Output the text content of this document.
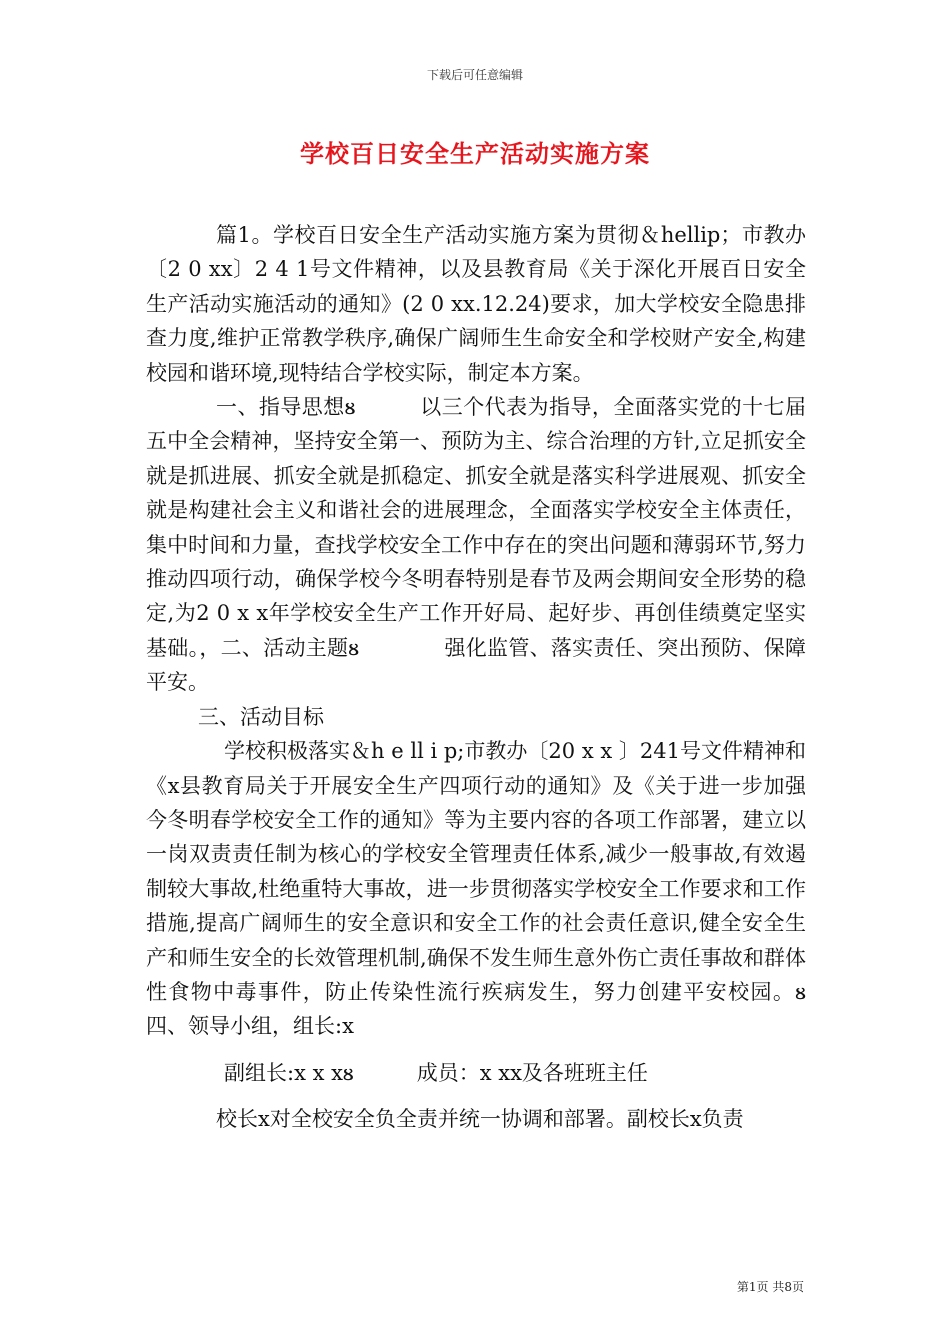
下载后可任意编辑
学校百日安全生产活动实施方案

篇1。学校百日安全生产活动实施方案为贯彻＆hellip；市教办〔2 0 xx〕2 4 1号文件精神，以及县教育局《关于深化开展百日安全生产活动实施活动的通知》(2 0 xx.12.24)要求，加大学校安全隐患排查力度,维护正常教学秩序,确保广阔师生生命安全和学校财产安全,构建校园和谐环境,现特结合学校实际，制定本方案。

一、指导思想ᴕ　　　以三个代表为指导，全面落实党的十七届五中全会精神，坚持安全第一、预防为主、综合治理的方针,立足抓安全就是抓进展、抓安全就是抓稳定、抓安全就是落实科学进展观、抓安全就是构建社会主义和谐社会的进展理念，全面落实学校安全主体责任，集中时间和力量，查找学校安全工作中存在的突出问题和薄弱环节,努力推动四项行动，确保学校今冬明春特别是春节及两会期间安全形势的稳定,为2 0 x x年学校安全生产工作开好局、起好步、再创佳绩奠定坚实基础。，二、活动主题ᴕ　　　　强化监管、落实责任、突出预防、保障平安。

三、活动目标

学校积极落实＆h e ll i p;市教办〔20 x x 〕241号文件精神和《x县教育局关于开展安全生产四项行动的通知》及《关于进一步加强今冬明春学校安全工作的通知》等为主要内容的各项工作部署，建立以一岗双责责任制为核心的学校安全管理责任体系,减少一般事故,有效遏制较大事故,杜绝重特大事故，进一步贯彻落实学校安全工作要求和工作措施,提高广阔师生的安全意识和安全工作的社会责任意识,健全安全生产和师生安全的长效管理机制,确保不发生师生意外伤亡责任事故和群体性食物中毒事件，防止传染性流行疾病发生，努力创建平安校园。ᴕ　　　　四、领导小组，组长:x

副组长:x x xᴕ　　　成员：x xx及各班班主任

校长x对全校安全负全责并统一协调和部署。副校长x负责

第1页 共8页
